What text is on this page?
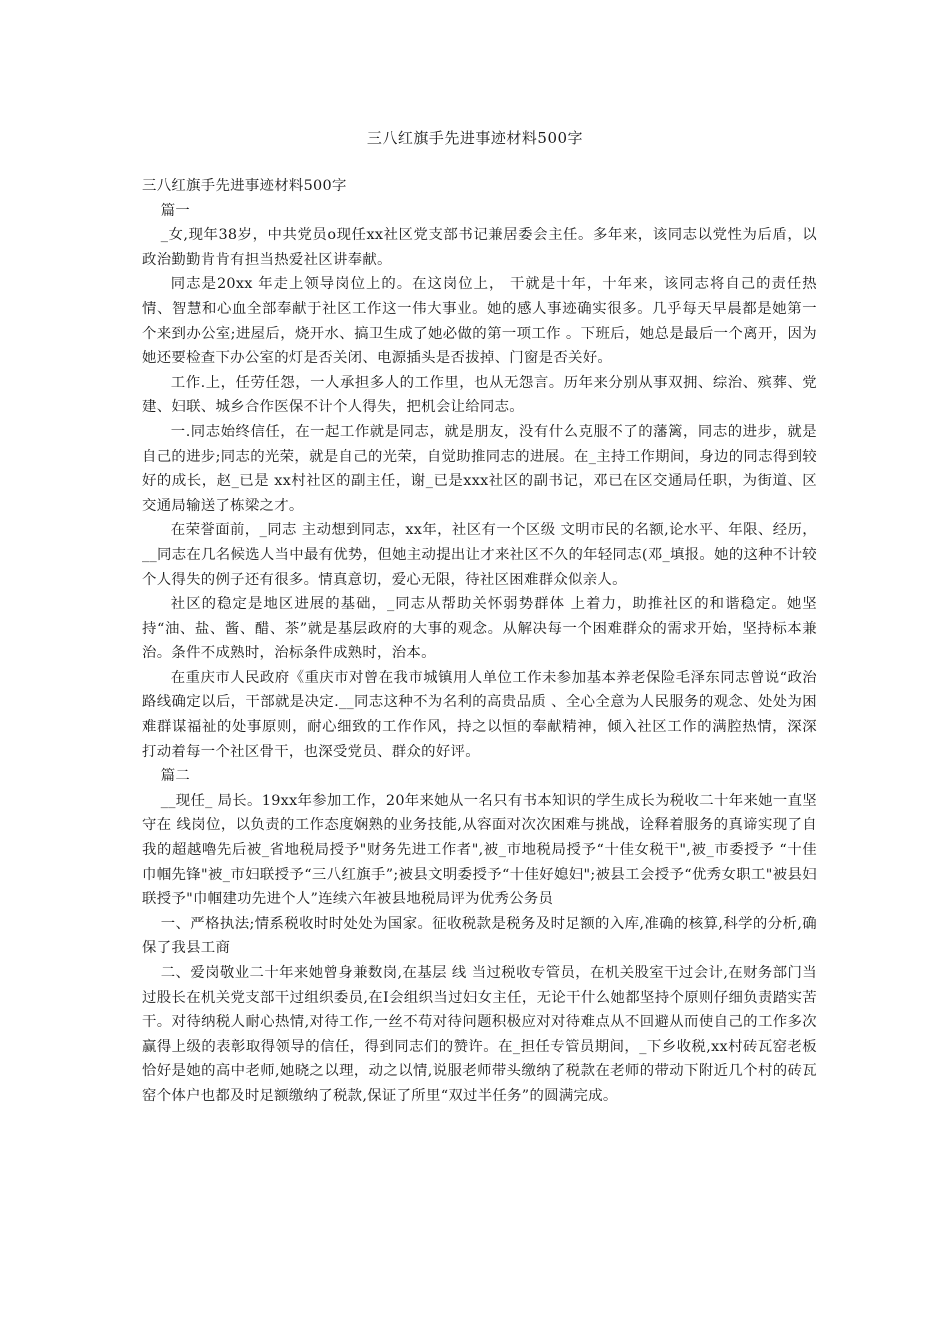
三八红旗手先进事迹材料500字

三八红旗手先进事迹材料500字

篇一

_女,现年38岁，中共党员o现任xx社区党支部书记兼居委会主任。多年来，该同志以党性为后盾，以政治勤勤肯肯有担当热爱社区讲奉献。

同志是20xx 年走上领导岗位上的。在这岗位上， 干就是十年，十年来，该同志将自己的责任热情、智慧和心血全部奉献于社区工作这一伟大事业。她的感人事迹确实很多。几乎每天早晨都是她第一个来到办公室;进屋后，烧开水、搞卫生成了她必做的第一项工作 。下班后，她总是最后一个离开，因为她还要检查下办公室的灯是否关闭、电源插头是否拔掉、门窗是否关好。

工作.上，任劳任怨，一人承担多人的工作里，也从无怨言。历年来分别从事双拥、综治、殡葬、党建、妇联、城乡合作医保不计个人得失，把机会让给同志。

一.同志始终信任，在一起工作就是同志，就是朋友，没有什么克服不了的藩篱，同志的进步，就是自己的进步;同志的光荣，就是自己的光荣，自觉助推同志的进展。在_主持工作期间，身边的同志得到较好的成长，赵_已是 xx村社区的副主任，谢_已是xxx社区的副书记，邓已在区交通局任职，为街道、区交通局输送了栋梁之才。

在荣誉面前，_同志 主动想到同志，xx年，社区有一个区级 文明市民的名额,论水平、年限、经历，__同志在几名候选人当中最有优势，但她主动提出让才来社区不久的年轻同志(邓_填报。她的这种不计较个人得失的例子还有很多。情真意切，爱心无限，待社区困难群众似亲人。

社区的稳定是地区进展的基础，_同志从帮助关怀弱势群体 上着力，助推社区的和谐稳定。她坚持“油、盐、酱、醋、茶”就是基层政府的大事的观念。从解决每一个困难群众的需求开始，坚持标本兼治。条件不成熟时，治标条件成熟时，治本。

在重庆市人民政府《重庆市对曾在我市城镇用人单位工作未参加基本养老保险毛泽东同志曾说“政治路线确定以后，干部就是决定.__同志这种不为名利的高贵品质 、全心全意为人民服务的观念、处处为困难群谋福祉的处事原则，耐心细致的工作作风，持之以恒的奉献精神，倾入社区工作的满腔热情，深深打动着每一个社区骨干，也深受党员、群众的好评。

篇二

__现任_ 局长。19xx年参加工作，20年来她从一名只有书本知识的学生成长为税收二十年来她一直坚守在 线岗位，以负责的工作态度娴熟的业务技能,从容面对次次困难与挑战，诠释着服务的真谛实现了自我的超越嚕先后被_省地税局授予"财务先进工作者",被_市地税局授予“十佳女税干",被_市委授予 “十佳巾帼先锋"被_市妇联授予“三八红旗手”;被县文明委授予“十佳好媳妇";被县工会授予“优秀女职工"被县妇联授予"巾帼建功先进个人”连续六年被县地税局评为优秀公务员

一、严格执法;情系税收时时处处为国家。征收税款是税务及时足额的入库,准确的核算,科学的分析,确保了我县工商

二、爱岗敬业二十年来她曾身兼数岗,在基层 线 当过税收专管员，在机关股室干过会计,在财务部门当过股长在机关党支部干过组织委员,在I会组织当过妇女主任，无论干什么她都坚持个原则仔细负责踏实苦干。对待纳税人耐心热情,对待工作,一丝不苟对待问题积极应对对待难点从不回避从而使自己的工作多次赢得上级的表彰取得领导的信任，得到同志们的赞许。在_担任专管员期间，_下乡收税,xx村砖瓦窑老板恰好是她的高中老师,她晓之以理，动之以情,说服老师带头缴纳了税款在老师的带动下附近几个村的砖瓦窑个体户也都及时足额缴纳了税款,保证了所里“双过半任务”的圆满完成。
